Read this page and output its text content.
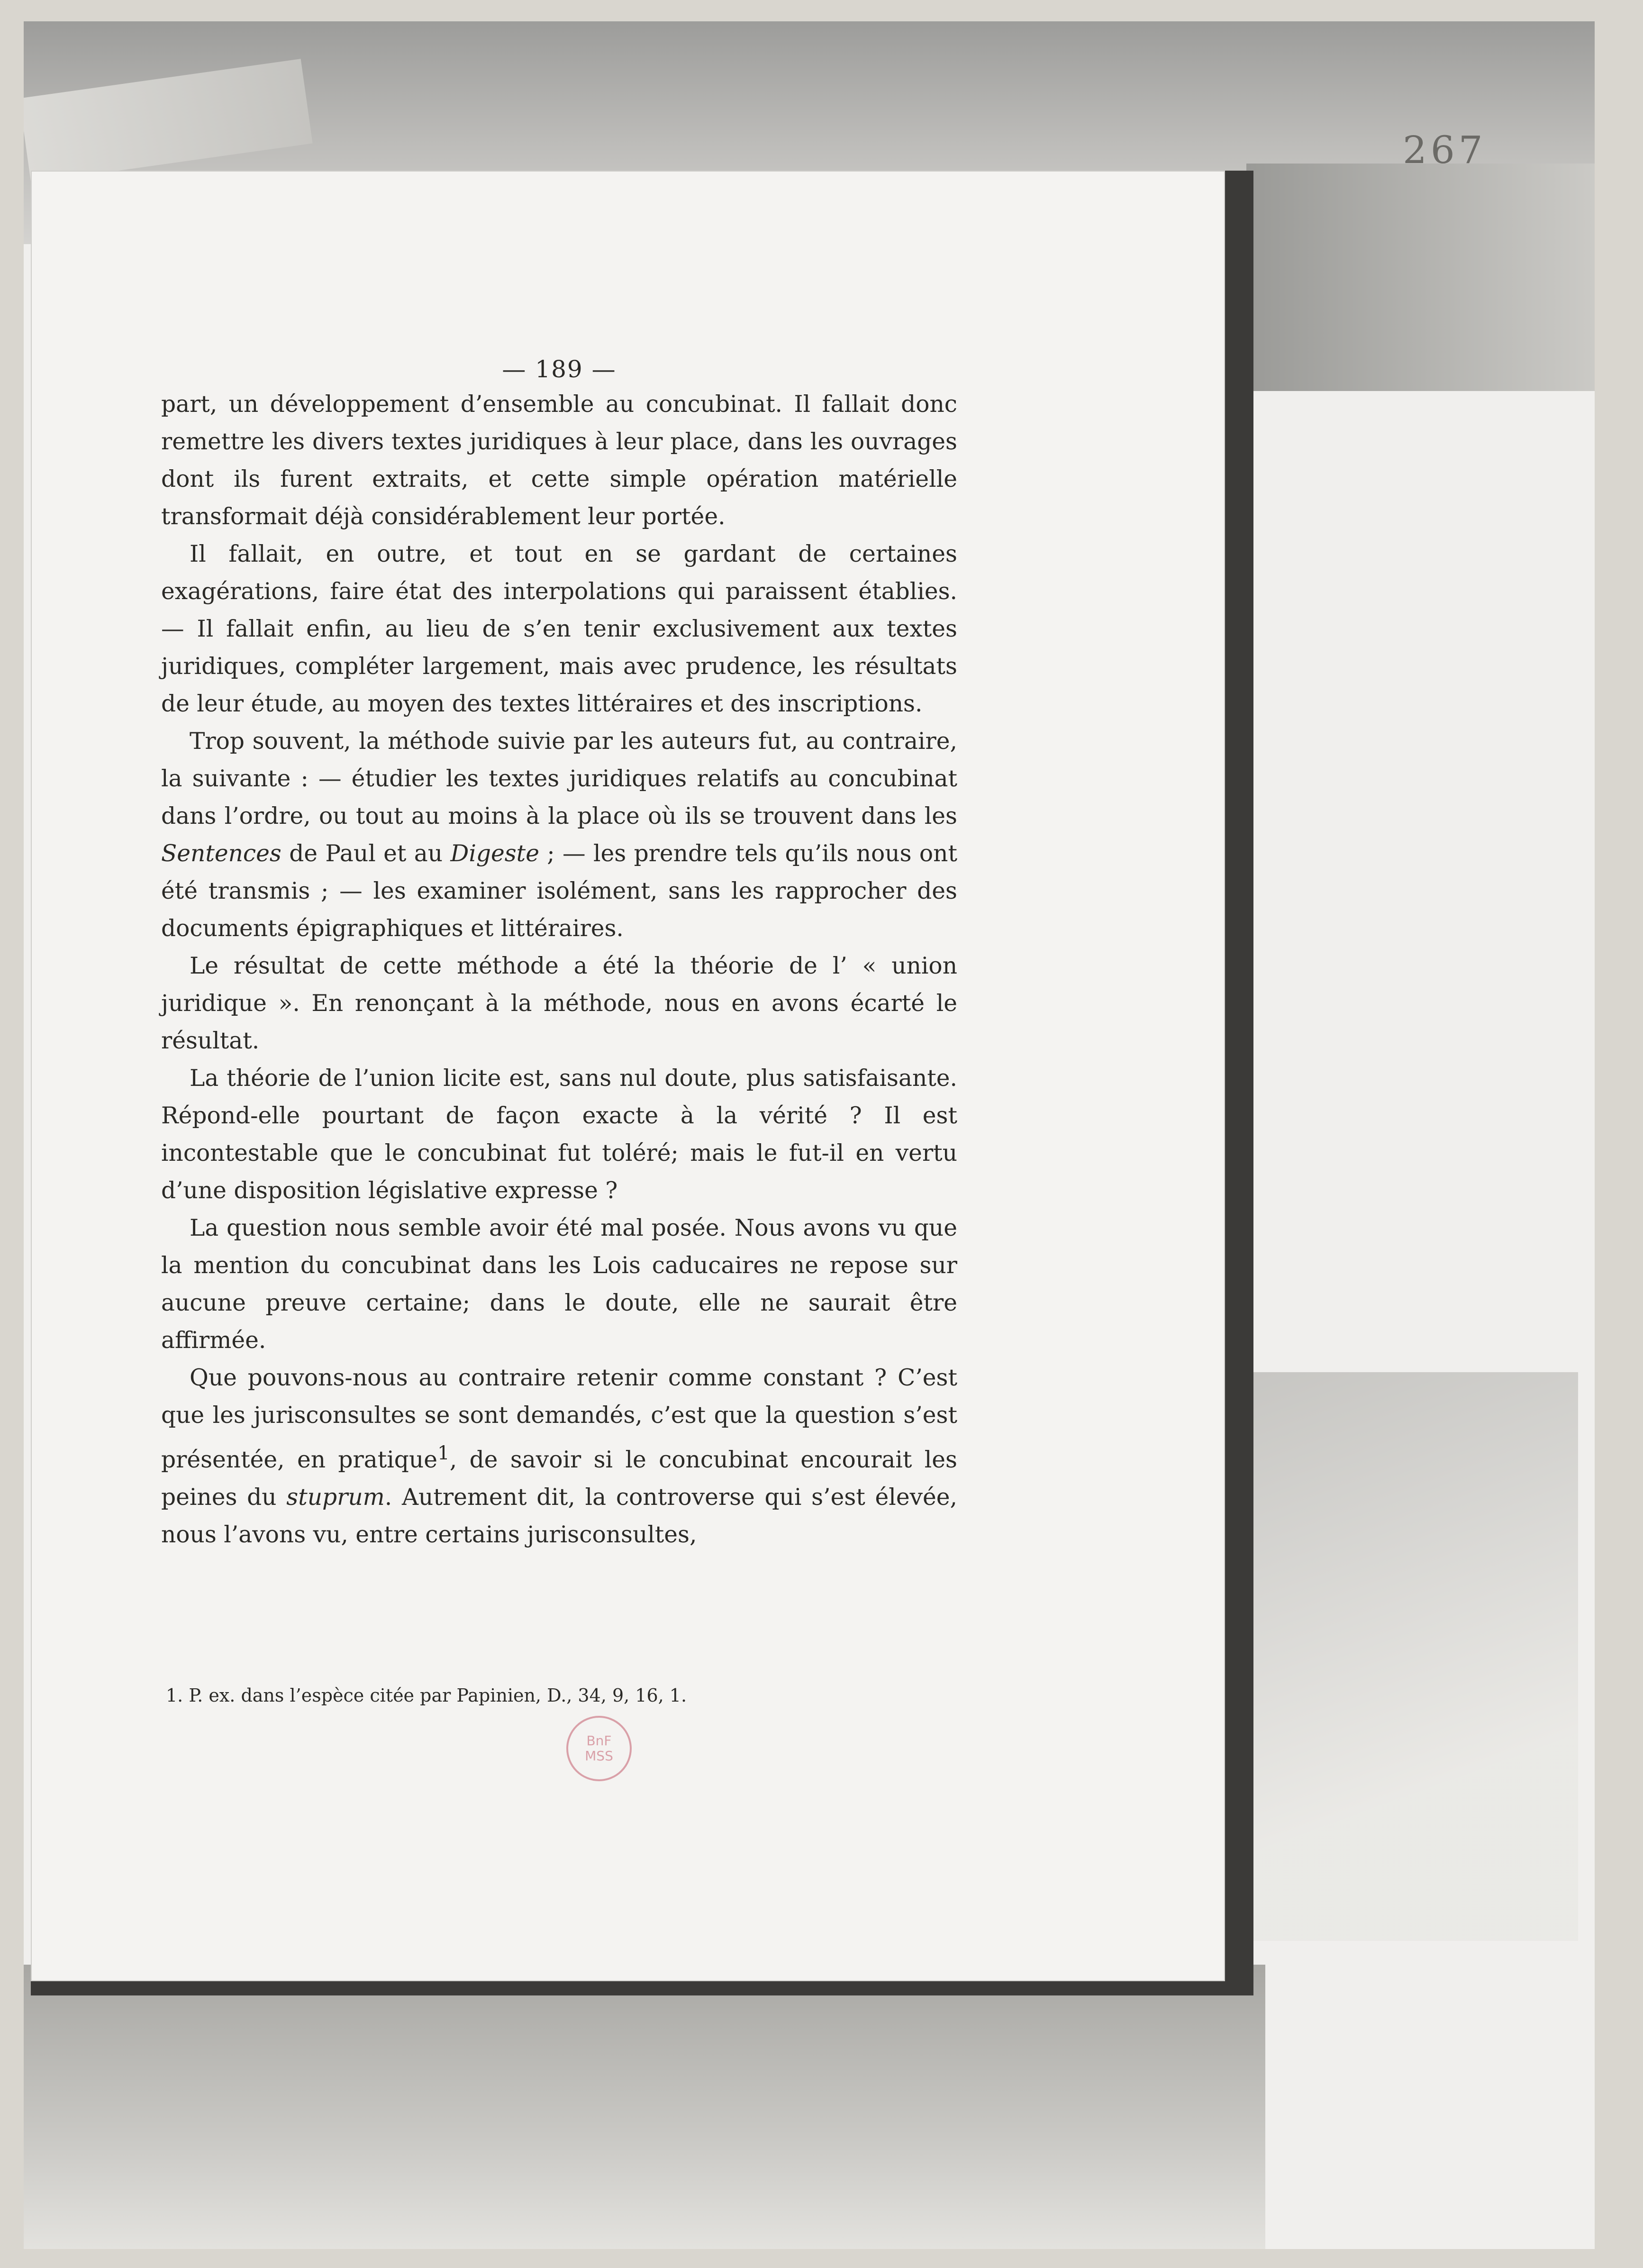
267

— 189 —

part, un développement d’ensemble au concubinat. Il fallait donc remettre les divers textes juridiques à leur place, dans les ouvrages dont ils furent extraits, et cette simple opération matérielle transformait déjà considérablement leur portée.

Il fallait, en outre, et tout en se gardant de certaines exagérations, faire état des interpolations qui paraissent établies. — Il fallait enfin, au lieu de s’en tenir exclusivement aux textes juridiques, compléter largement, mais avec prudence, les résultats de leur étude, au moyen des textes littéraires et des inscriptions.

Trop souvent, la méthode suivie par les auteurs fut, au contraire, la suivante : — étudier les textes juridiques relatifs au concubinat dans l’ordre, ou tout au moins à la place où ils se trouvent dans les Sentences de Paul et au Digeste ; — les prendre tels qu’ils nous ont été transmis ; — les examiner isolément, sans les rapprocher des documents épigraphiques et littéraires.

Le résultat de cette méthode a été la théorie de l’ « union juridique ». En renonçant à la méthode, nous en avons écarté le résultat.

La théorie de l’union licite est, sans nul doute, plus satisfaisante. Répond-elle pourtant de façon exacte à la vérité ? Il est incontestable que le concubinat fut toléré; mais le fut-il en vertu d’une disposition législative expresse ?

La question nous semble avoir été mal posée. Nous avons vu que la mention du concubinat dans les Lois caducaires ne repose sur aucune preuve certaine; dans le doute, elle ne saurait être affirmée.

Que pouvons-nous au contraire retenir comme constant ? C’est que les jurisconsultes se sont demandés, c’est que la question s’est présentée, en pratique$^1$, de savoir si le concubinat encourait les peines du stuprum. Autrement dit, la controverse qui s’est élevée, nous l’avons vu, entre certains jurisconsultes,

1. P. ex. dans l’espèce citée par Papinien, D., 34, 9, 16, 1.
BnF
MSS
